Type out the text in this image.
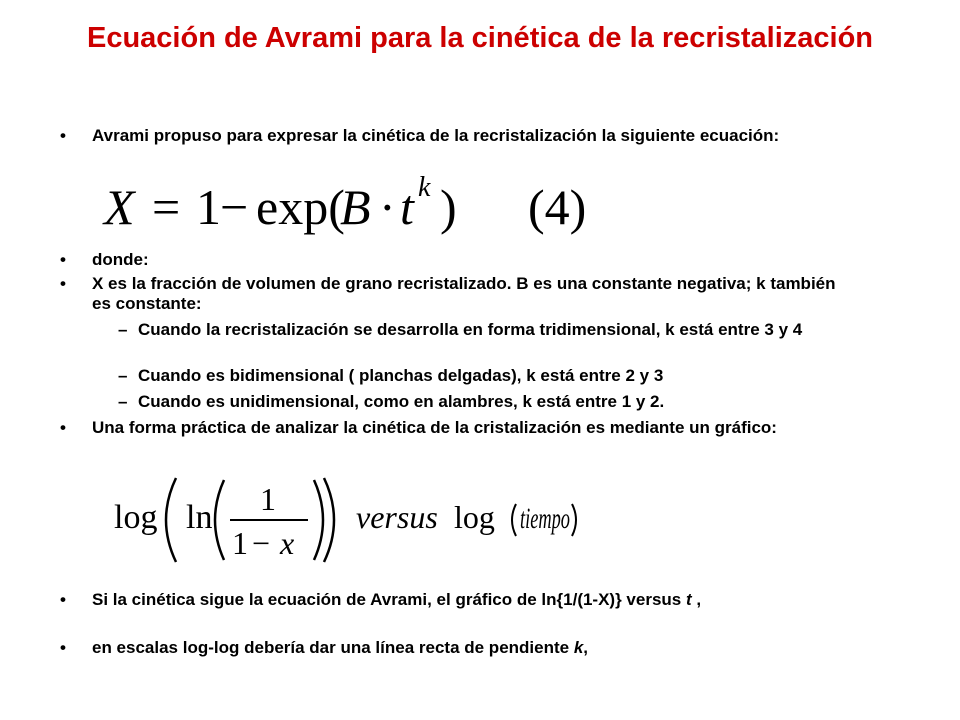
Ecuación de Avrami para la cinética de la recristalización
•	Avrami propuso para expresar la cinética de la recristalización la siguiente ecuación:

X = 1 − exp(
B · t k ) (4)
•	donde:

•	X es la fracción de volumen de grano recristalizado. B es una constante negativa; k también es constante:

– Cuando la recristalización se desarrolla en forma tridimensional, k está entre 3 y 4

– Cuando es bidimensional ( planchas delgadas), k está entre 2 y 3

– Cuando es unidimensional, como en alambres, k está entre 1 y 2.

•	Una forma práctica de analizar la cinética de la cristalización es mediante un gráfico:

log ln 1
1 − x
versus log tiempo
•	Si la cinética sigue la ecuación de Avrami, el gráfico de ln{1/(1-X)} versus t ,

•	en escalas log-log debería dar una línea recta de pendiente k,
